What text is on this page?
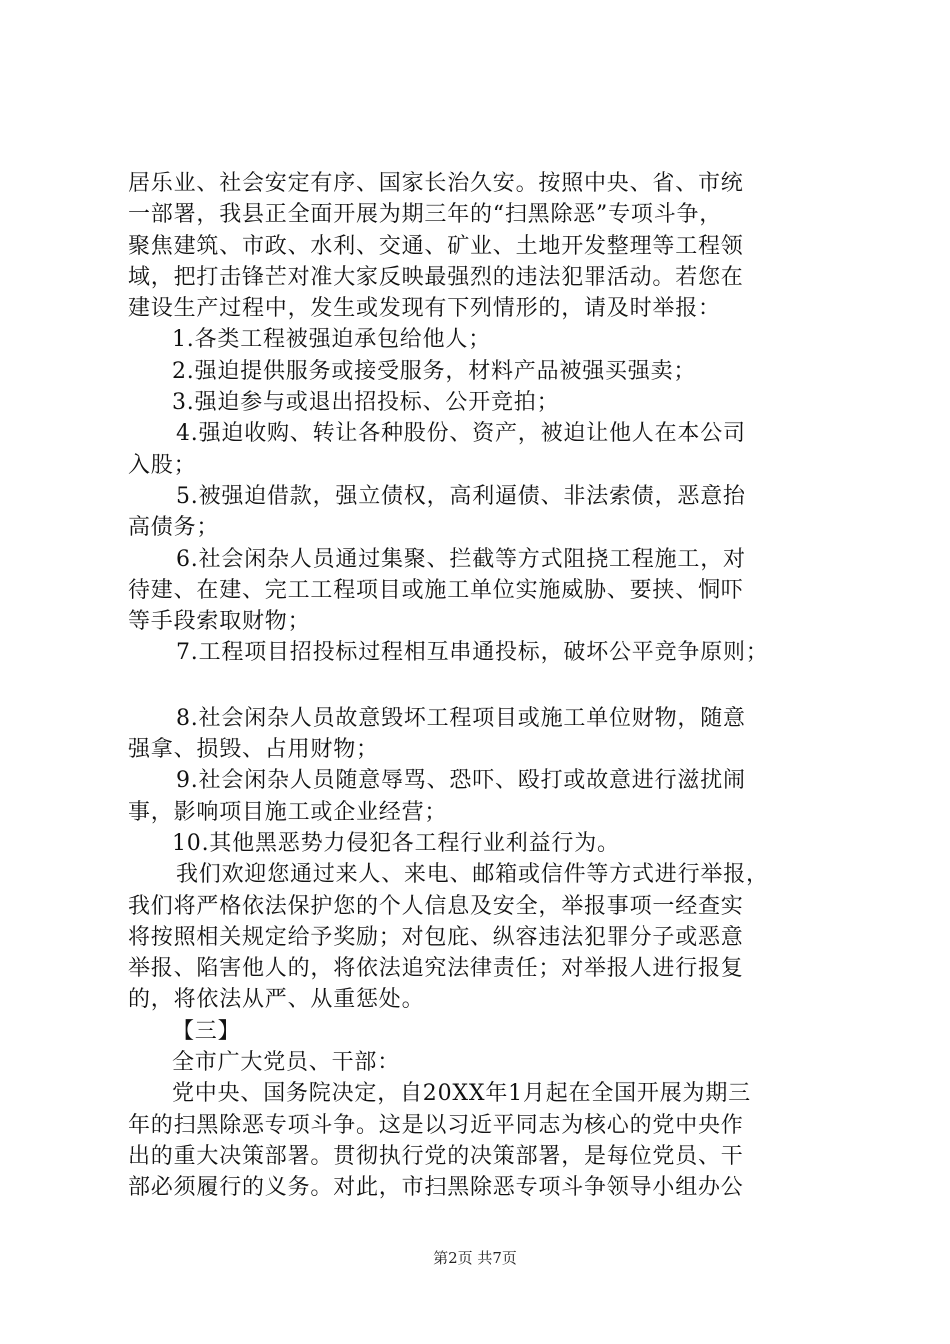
居乐业、社会安定有序、国家长治久安。按照中央、省、市统
一部署，我县正全面开展为期三年的“扫黑除恶”专项斗争，
聚焦建筑、市政、水利、交通、矿业、土地开发整理等工程领
域，把打击锋芒对准大家反映最强烈的违法犯罪活动。若您在
建设生产过程中，发生或发现有下列情形的，请及时举报：
1.各类工程被强迫承包给他人；
2.强迫提供服务或接受服务，材料产品被强买强卖；
3.强迫参与或退出招投标、公开竞拍；
4.强迫收购、转让各种股份、资产，被迫让他人在本公司
入股；
5.被强迫借款，强立债权，高利逼债、非法索债，恶意抬
高债务；
6.社会闲杂人员通过集聚、拦截等方式阻挠工程施工，对
待建、在建、完工工程项目或施工单位实施威胁、要挟、恫吓
等手段索取财物；
7.工程项目招投标过程相互串通投标，破坏公平竞争原则；
8.社会闲杂人员故意毁坏工程项目或施工单位财物，随意
强拿、损毁、占用财物；
9.社会闲杂人员随意辱骂、恐吓、殴打或故意进行滋扰闹
事，影响项目施工或企业经营；
10.其他黑恶势力侵犯各工程行业利益行为。
我们欢迎您通过来人、来电、邮箱或信件等方式进行举报，
我们将严格依法保护您的个人信息及安全，举报事项一经查实
将按照相关规定给予奖励；对包庇、纵容违法犯罪分子或恶意
举报、陷害他人的，将依法追究法律责任；对举报人进行报复
的，将依法从严、从重惩处。
【三】
全市广大党员、干部：
党中央、国务院决定，自20XX年1月起在全国开展为期三
年的扫黑除恶专项斗争。这是以习近平同志为核心的党中央作
出的重大决策部署。贯彻执行党的决策部署，是每位党员、干
部必须履行的义务。对此，市扫黑除恶专项斗争领导小组办公
第2页 共7页
